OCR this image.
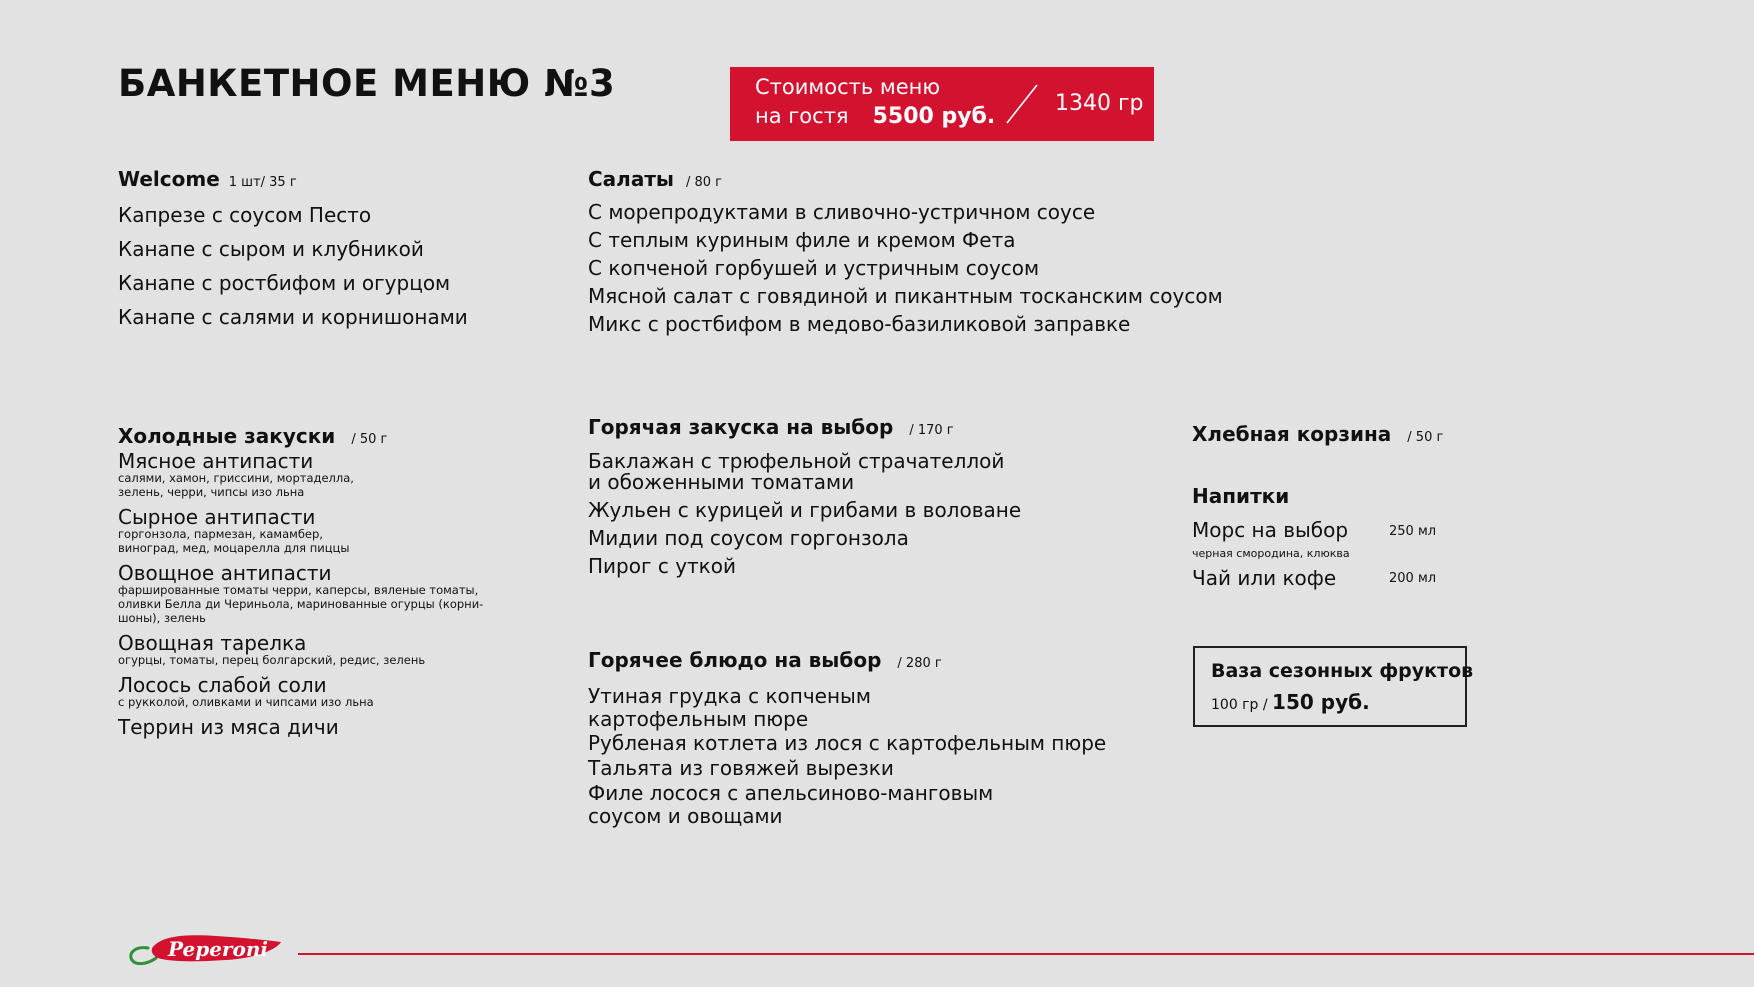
БАНКЕТНОЕ МЕНЮ №3	Стоимость меню
на гостя 5500 руб.
1340 гр
Welcome 1 шт/ 35 г
Капрезе с соусом Песто
Канапе с сыром и клубникой
Канапе с ростбифом и огурцом
Канапе с салями и корнишонами
Салаты / 80 г
С морепродуктами в сливочно-устричном соусе
С теплым куриным филе и кремом Фета
С копченой горбушей и устричным соусом
Мясной салат с говядиной и пикантным тосканским соусом
Микс с ростбифом в медово-базиликовой заправке
Холодные закуски / 50 г
Мясное антипасти
салями, хамон, гриссини, мортаделла,
зелень, черри, чипсы изо льна
Сырное антипасти
горгонзола, пармезан, камамбер,
виноград, мед, моцарелла для пиццы
Овощное антипасти
фаршированные томаты черри, каперсы, вяленые томаты,
оливки Белла ди Чериньола, маринованные огурцы (корни-
шоны), зелень
Овощная тарелка
огурцы, томаты, перец болгарский, редис, зелень
Лосось слабой соли
с рукколой, оливками и чипсами изо льна
Террин из мяса дичи
Горячая закуска на выбор / 170 г
Баклажан с трюфельной страчателлой
и обоженными томатами
Жульен с курицей и грибами в воловане
Мидии под соусом горгонзола
Пирог с уткой
Горячее блюдо на выбор / 280 г
Утиная грудка с копченым
картофельным пюре
Рубленая котлета из лося с картофельным пюре
Тальята из говяжей вырезки
Филе лосося с апельсиново-манговым
соусом и овощами
Хлебная корзина / 50 г
Напитки
Морс на выбор	250 мл
черная смородина, клюква
Чай или кофе	200 мл
Ваза сезонных фруктов
100 гр / 150 руб.
Peperoni
